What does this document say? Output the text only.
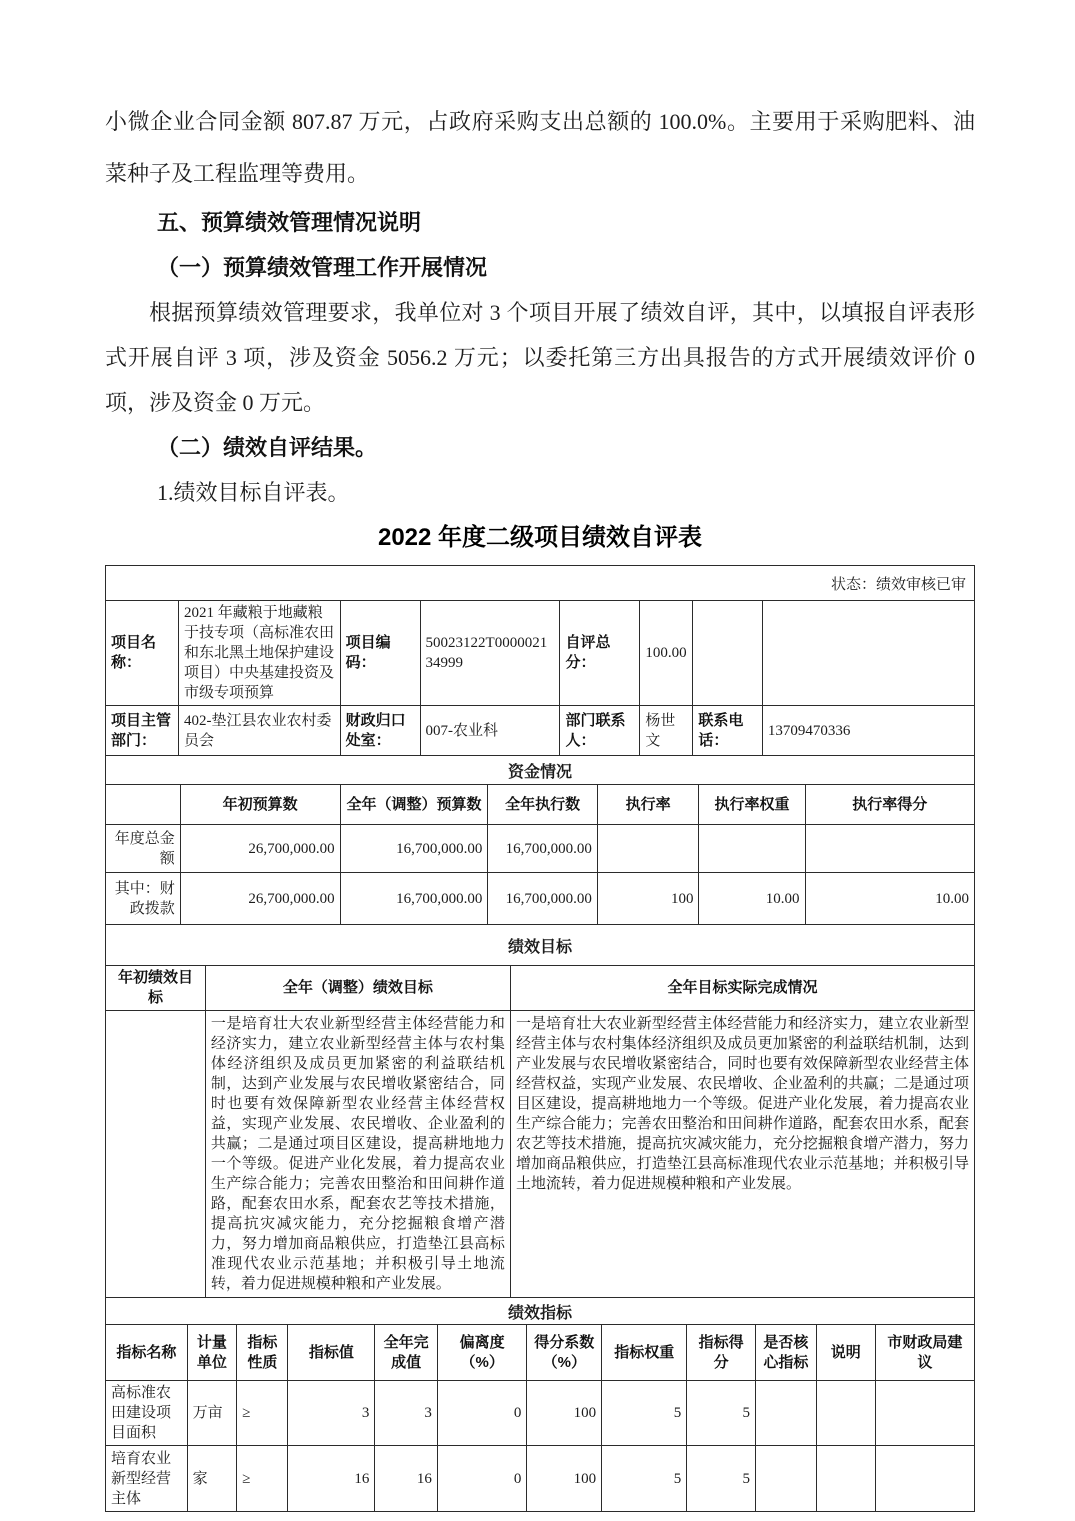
小微企业合同金额 807.87 万元，占政府采购支出总额的 100.0%。主要用于采购肥料、油菜种子及工程监理等费用。

五、预算绩效管理情况说明
（一）预算绩效管理工作开展情况

根据预算绩效管理要求，我单位对 3 个项目开展了绩效自评，其中，以填报自评表形式开展自评 3 项，涉及资金 5056.2 万元；以委托第三方出具报告的方式开展绩效评价 0 项，涉及资金 0 万元。

（二）绩效自评结果。
1.绩效目标自评表。
2022 年度二级项目绩效自评表
状态：绩效审核已审
项目名称：	2021 年藏粮于地藏粮于技专项（高标准农田和东北黑土地保护建设项目）中央基建投资及市级专项预算	项目编码：	50023122T000002134999	自评总分：	100.00		
项目主管部门：	402-垫江县农业农村委员会	财政归口处室：	007-农业科	部门联系人：	杨世文	联系电话：	13709470336
资金情况
	年初预算数	全年（调整）预算数	全年执行数	执行率	执行率权重	执行率得分
年度总金额	26,700,000.00	16,700,000.00	16,700,000.00			
其中：财政拨款	26,700,000.00	16,700,000.00	16,700,000.00	100	10.00	10.00
绩效目标
年初绩效目标	全年（调整）绩效目标	全年目标实际完成情况
	一是培育壮大农业新型经营主体经营能力和经济实力，建立农业新型经营主体与农村集体经济组织及成员更加紧密的利益联结机制，达到产业发展与农民增收紧密结合，同时也要有效保障新型农业经营主体经营权益，实现产业发展、农民增收、企业盈利的共赢；二是通过项目区建设，提高耕地地力一个等级。促进产业化发展，着力提高农业生产综合能力；完善农田整治和田间耕作道路，配套农田水系，配套农艺等技术措施，提高抗灾减灾能力，充分挖掘粮食增产潜力，努力增加商品粮供应，打造垫江县高标准现代农业示范基地；并积极引导土地流转，着力促进规模种粮和产业发展。	一是培育壮大农业新型经营主体经营能力和经济实力，建立农业新型经营主体与农村集体经济组织及成员更加紧密的利益联结机制，达到产业发展与农民增收紧密结合，同时也要有效保障新型农业经营主体经营权益，实现产业发展、农民增收、企业盈利的共赢；二是通过项目区建设，提高耕地地力一个等级。促进产业化发展，着力提高农业生产综合能力；完善农田整治和田间耕作道路，配套农田水系，配套农艺等技术措施，提高抗灾减灾能力，充分挖掘粮食增产潜力，努力增加商品粮供应，打造垫江县高标准现代农业示范基地；并积极引导土地流转，着力促进规模种粮和产业发展。
绩效指标
指标名称	计量单位	指标性质	指标值	全年完成值	偏离度（%）	得分系数（%）	指标权重	指标得分	是否核心指标	说明	市财政局建议
高标准农田建设项目面积	万亩	≥	3	3	0	100	5	5			
培育农业新型经营主体	家	≥	16	16	0	100	5	5			
